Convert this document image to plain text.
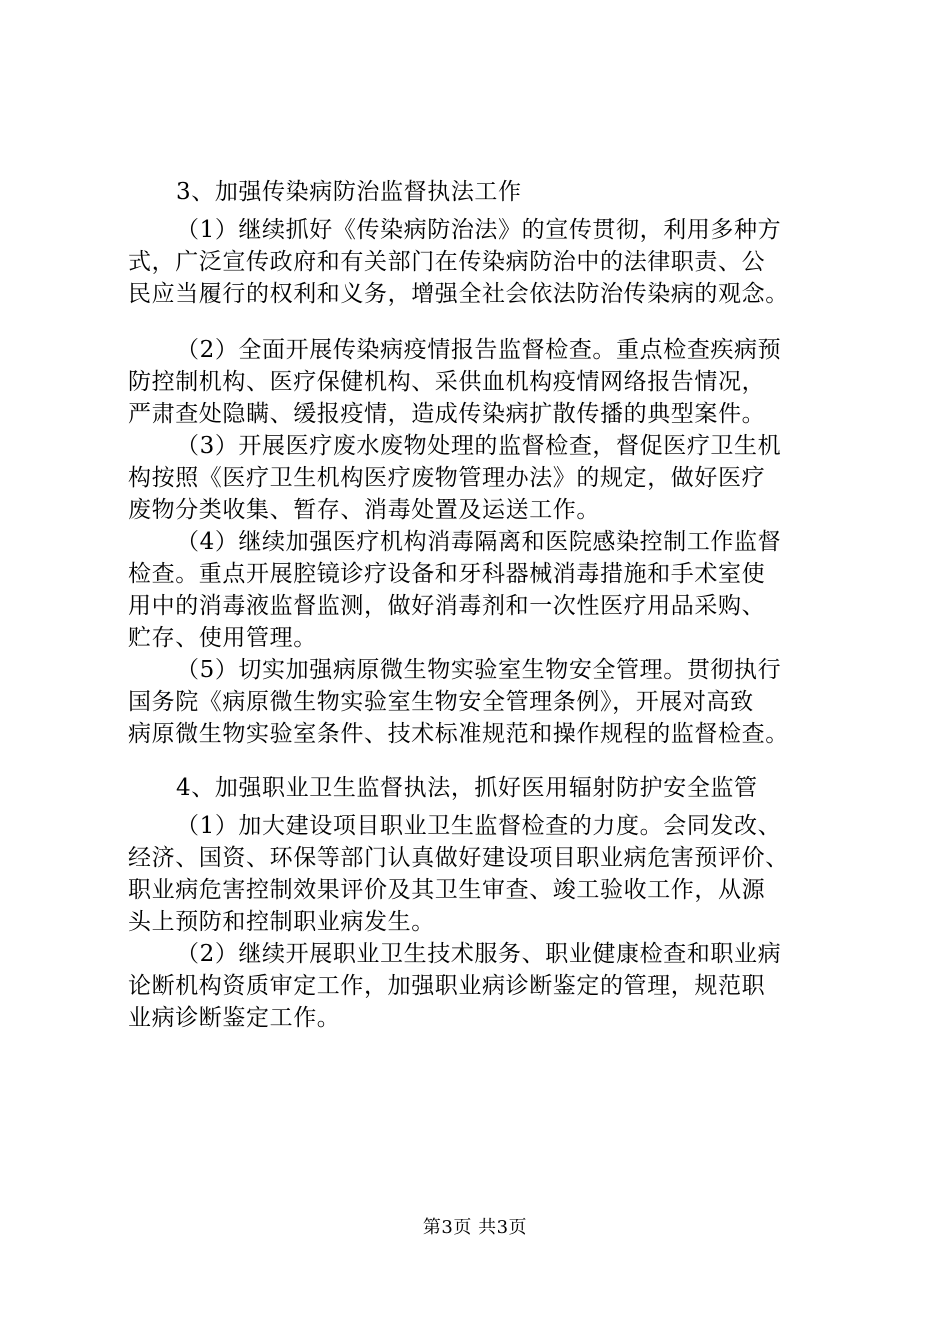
3、加强传染病防治监督执法工作
（1）继续抓好《传染病防治法》的宣传贯彻，利用多种方
式，广泛宣传政府和有关部门在传染病防治中的法律职责、公
民应当履行的权利和义务，增强全社会依法防治传染病的观念。
（2）全面开展传染病疫情报告监督检查。重点检查疾病预
防控制机构、医疗保健机构、采供血机构疫情网络报告情况，
严肃查处隐瞒、缓报疫情，造成传染病扩散传播的典型案件。
（3）开展医疗废水废物处理的监督检查，督促医疗卫生机
构按照《医疗卫生机构医疗废物管理办法》的规定，做好医疗
废物分类收集、暂存、消毒处置及运送工作。
（4）继续加强医疗机构消毒隔离和医院感染控制工作监督
检查。重点开展腔镜诊疗设备和牙科器械消毒措施和手术室使
用中的消毒液监督监测，做好消毒剂和一次性医疗用品采购、
贮存、使用管理。
（5）切实加强病原微生物实验室生物安全管理。贯彻执行
国务院《病原微生物实验室生物安全管理条例》，开展对高致
病原微生物实验室条件、技术标准规范和操作规程的监督检查。
4、加强职业卫生监督执法，抓好医用辐射防护安全监管
（1）加大建设项目职业卫生监督检查的力度。会同发改、
经济、国资、环保等部门认真做好建设项目职业病危害预评价、
职业病危害控制效果评价及其卫生审查、竣工验收工作，从源
头上预防和控制职业病发生。
（2）继续开展职业卫生技术服务、职业健康检查和职业病
论断机构资质审定工作，加强职业病诊断鉴定的管理，规范职
业病诊断鉴定工作。
第3页 共3页
